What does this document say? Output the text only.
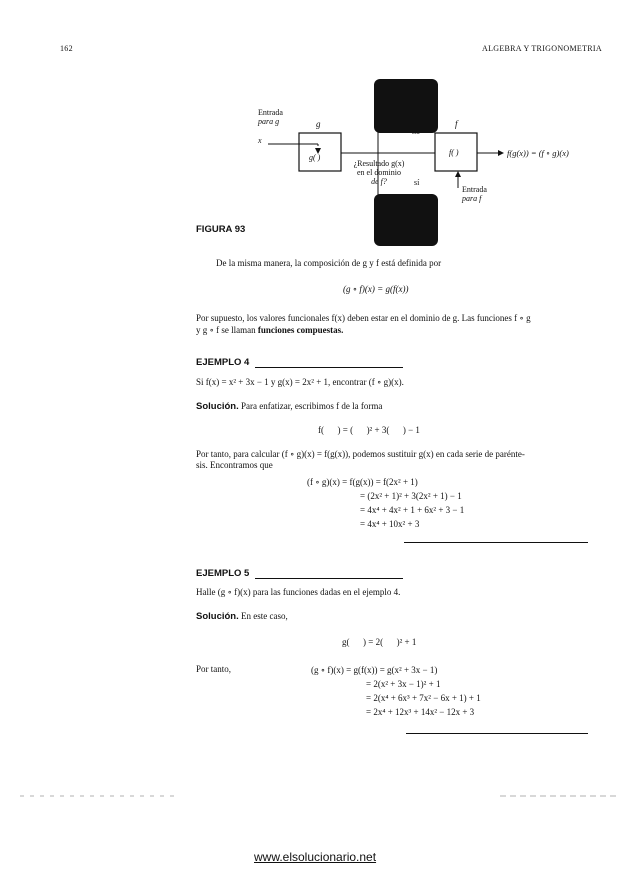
162	ALGEBRA Y TRIGONOMETRIA
Entrada
para g
x
g
g( )
no
f
¿Resultado g(x)
en el dominio
de f?	sí
f( )	f(g(x)) = (f ∘ g)(x)
Entrada
para f
FIGURA 93
De la misma manera, la composición de g y f está definida por
(g ∘ f)(x) = g(f(x))
Por supuesto, los valores funcionales f(x) deben estar en el dominio de g. Las funciones f ∘ g
y g ∘ f se llaman funciones compuestas.
EJEMPLO 4
Si f(x) = x² + 3x − 1 y g(x) = 2x² + 1, encontrar (f ∘ g)(x).
Solución. Para enfatizar, escribimos f de la forma
f(      ) = (      )² + 3(      ) − 1
Por tanto, para calcular (f ∘ g)(x) = f(g(x)), podemos sustituir g(x) en cada serie de parénte-
sis. Encontramos que
(f ∘ g)(x) = f(g(x)) = f(2x² + 1)
= (2x² + 1)² + 3(2x² + 1) − 1
= 4x⁴ + 4x² + 1 + 6x² + 3 − 1
= 4x⁴ + 10x² + 3
EJEMPLO 5
Halle (g ∘ f)(x) para las funciones dadas en el ejemplo 4.
Solución. En este caso,
g(      ) = 2(      )² + 1
Por tanto,	(g ∘ f)(x) = g(f(x)) = g(x² + 3x − 1)
= 2(x² + 3x − 1)² + 1
= 2(x⁴ + 6x³ + 7x² − 6x + 1) + 1
= 2x⁴ + 12x³ + 14x² − 12x + 3
www.elsolucionario.net
